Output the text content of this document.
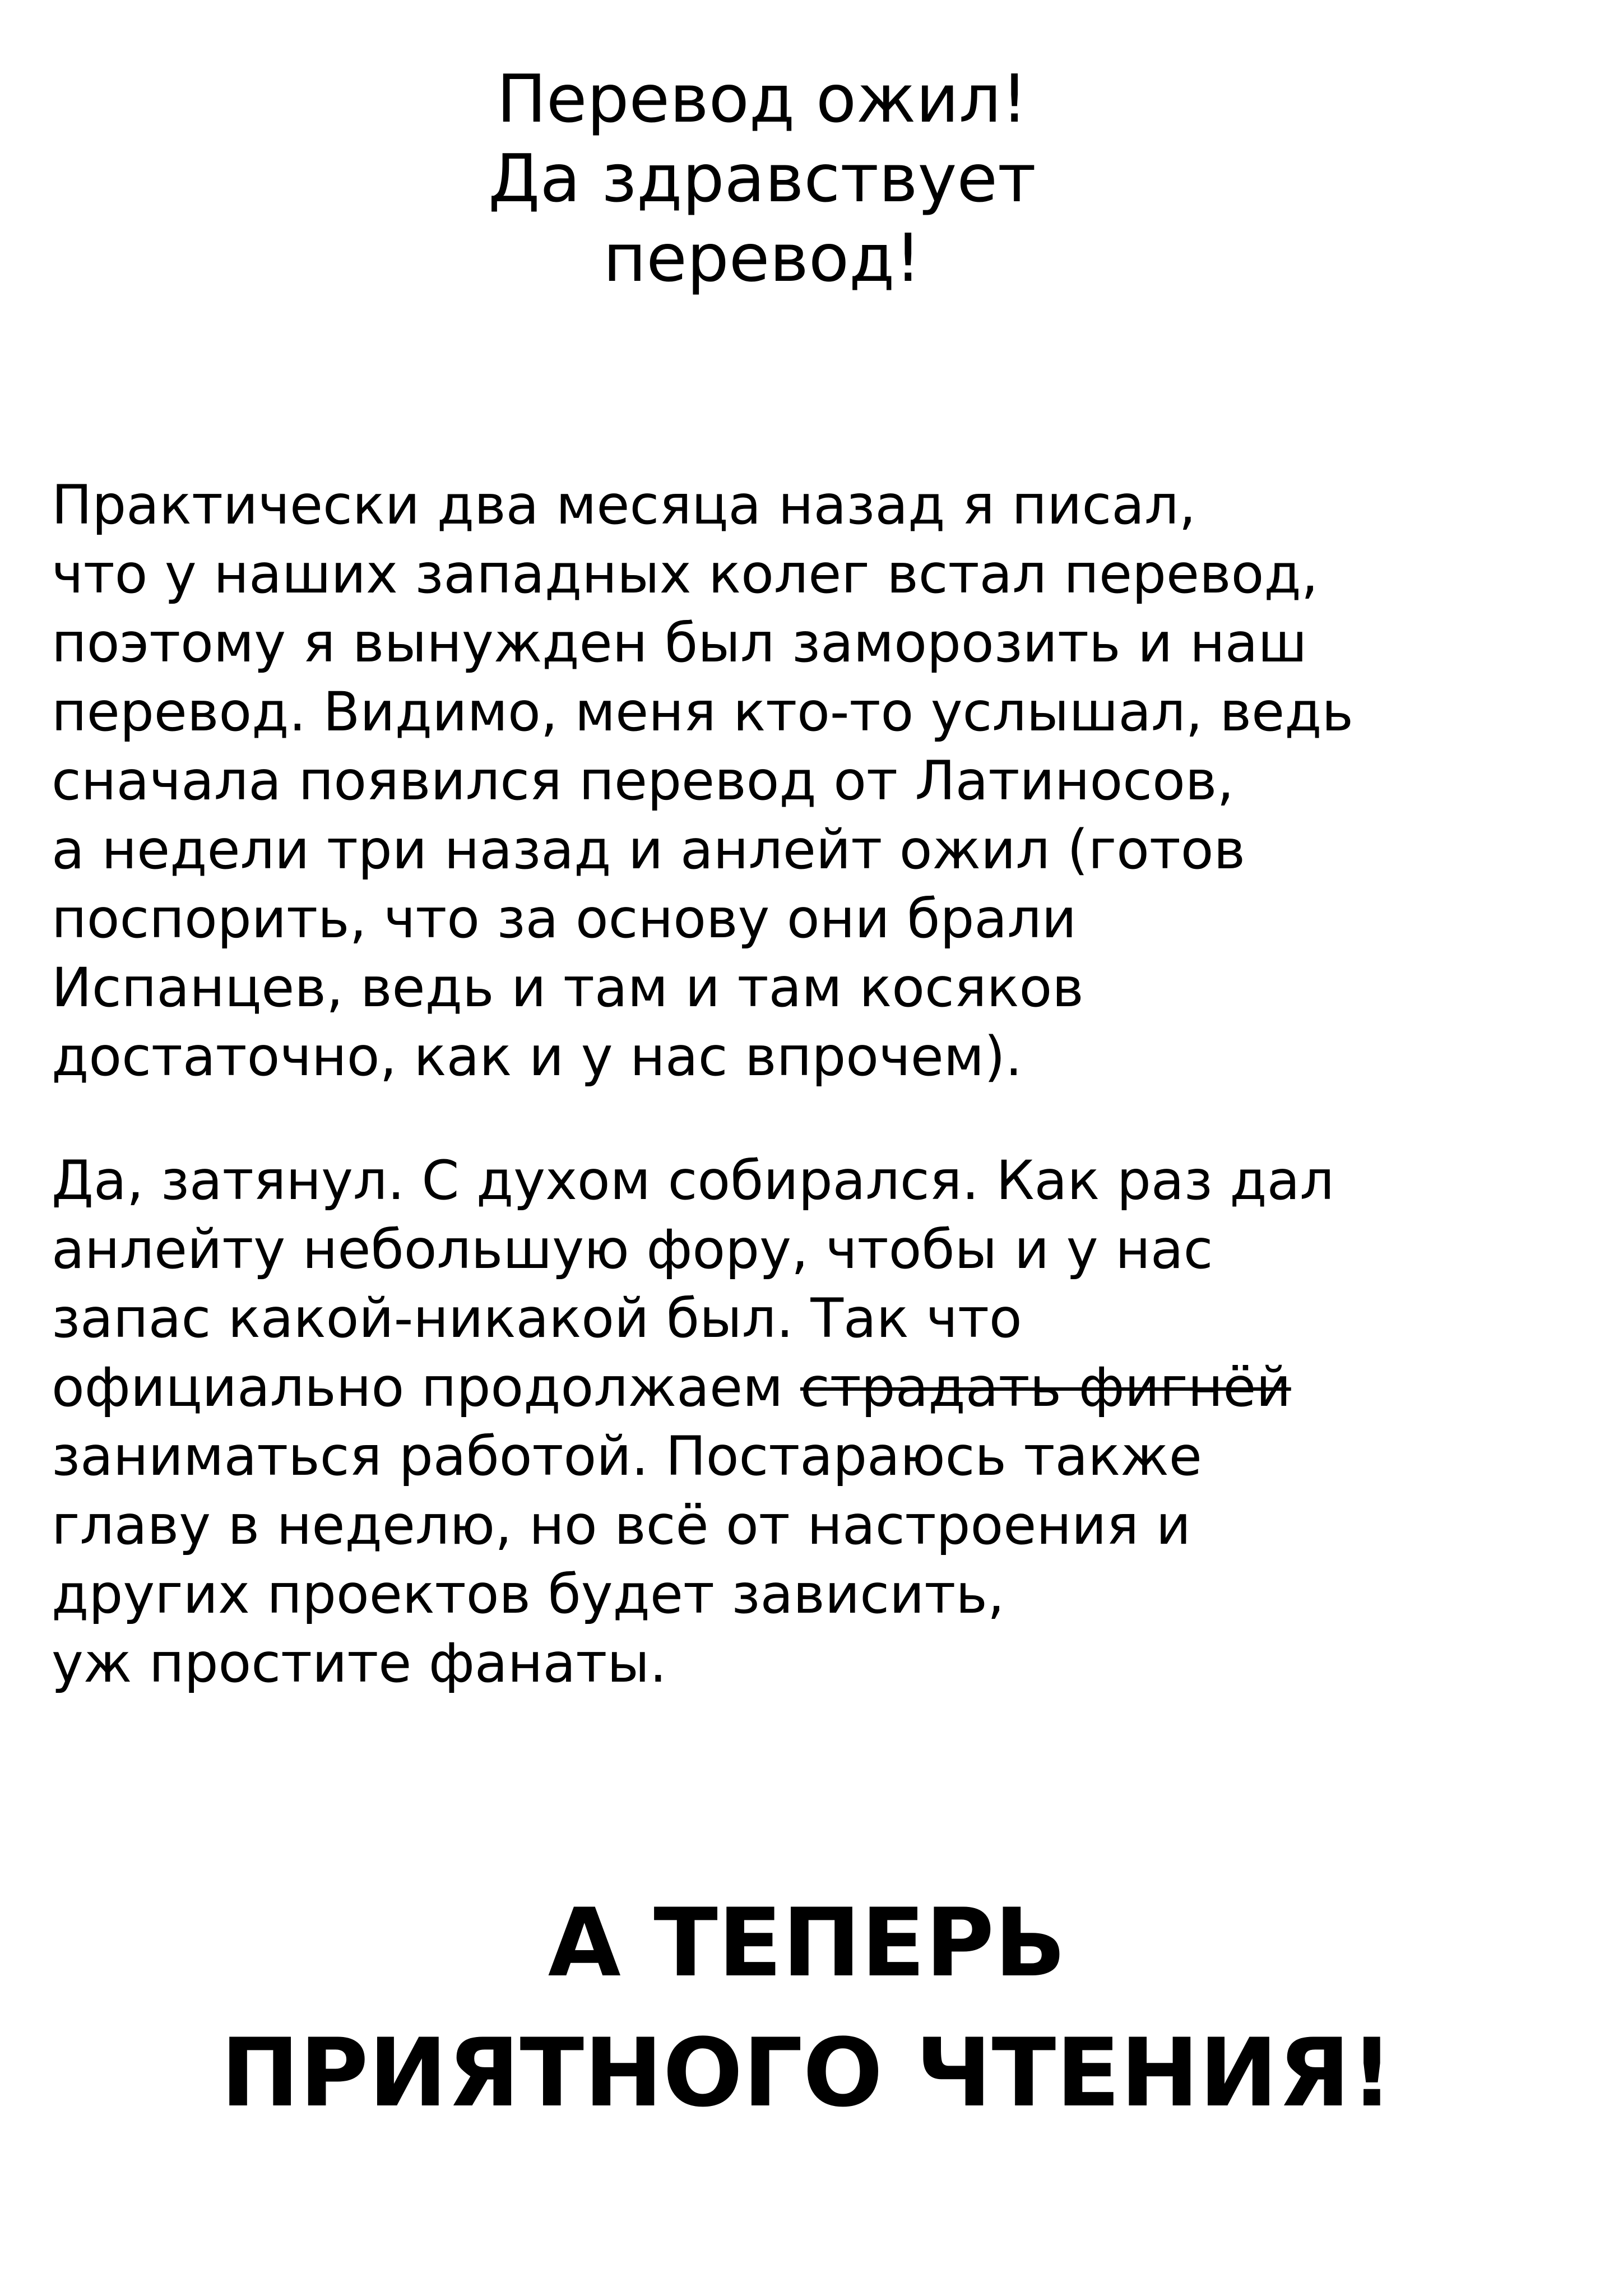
Перевод ожил!
Да здравствует
перевод!
Практически два месяца назад я писал,
что у наших западных колег встал перевод,
поэтому я вынужден был заморозить и наш
перевод. Видимо, меня кто-то услышал, ведь
сначала появился перевод от Латиносов,
а недели три назад и анлейт ожил (готов
поспорить, что за основу они брали
Испанцев, ведь и там и там косяков
достаточно, как и у нас впрочем).
Да, затянул. С духом собирался. Как раз дал
анлейту небольшую фору, чтобы и у нас
запас какой-никакой был. Так что
официально продолжаем страдать фигнёй
заниматься работой. Постараюсь также
главу в неделю, но всё от настроения и
других проектов будет зависить,
уж простите фанаты.
А ТЕПЕРЬ
ПРИЯТНОГО ЧТЕНИЯ!
